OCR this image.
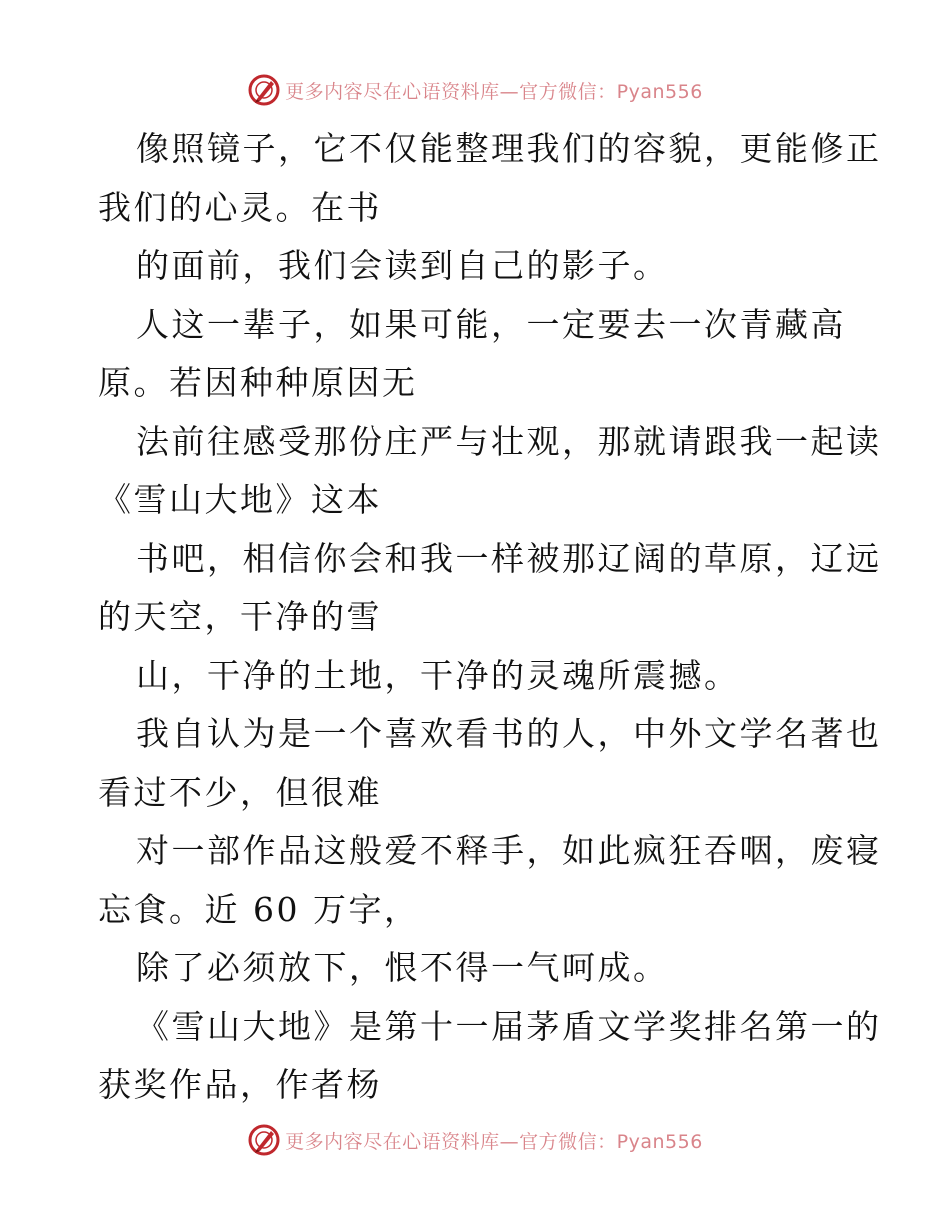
更多内容尽在心语资料库—官方微信：Pyan556
像照镜子，它不仅能整理我们的容貌，更能修正
我们的心灵。在书
的面前，我们会读到自己的影子。
人这一辈子，如果可能，一定要去一次青藏高
原。若因种种原因无
法前往感受那份庄严与壮观，那就请跟我一起读
《雪山大地》这本
书吧，相信你会和我一样被那辽阔的草原，辽远
的天空，干净的雪
山，干净的土地，干净的灵魂所震撼。
我自认为是一个喜欢看书的人，中外文学名著也
看过不少，但很难
对一部作品这般爱不释手，如此疯狂吞咽，废寝
忘食。近 60 万字，
除了必须放下，恨不得一气呵成。
《雪山大地》是第十一届茅盾文学奖排名第一的
获奖作品，作者杨
更多内容尽在心语资料库—官方微信：Pyan556
